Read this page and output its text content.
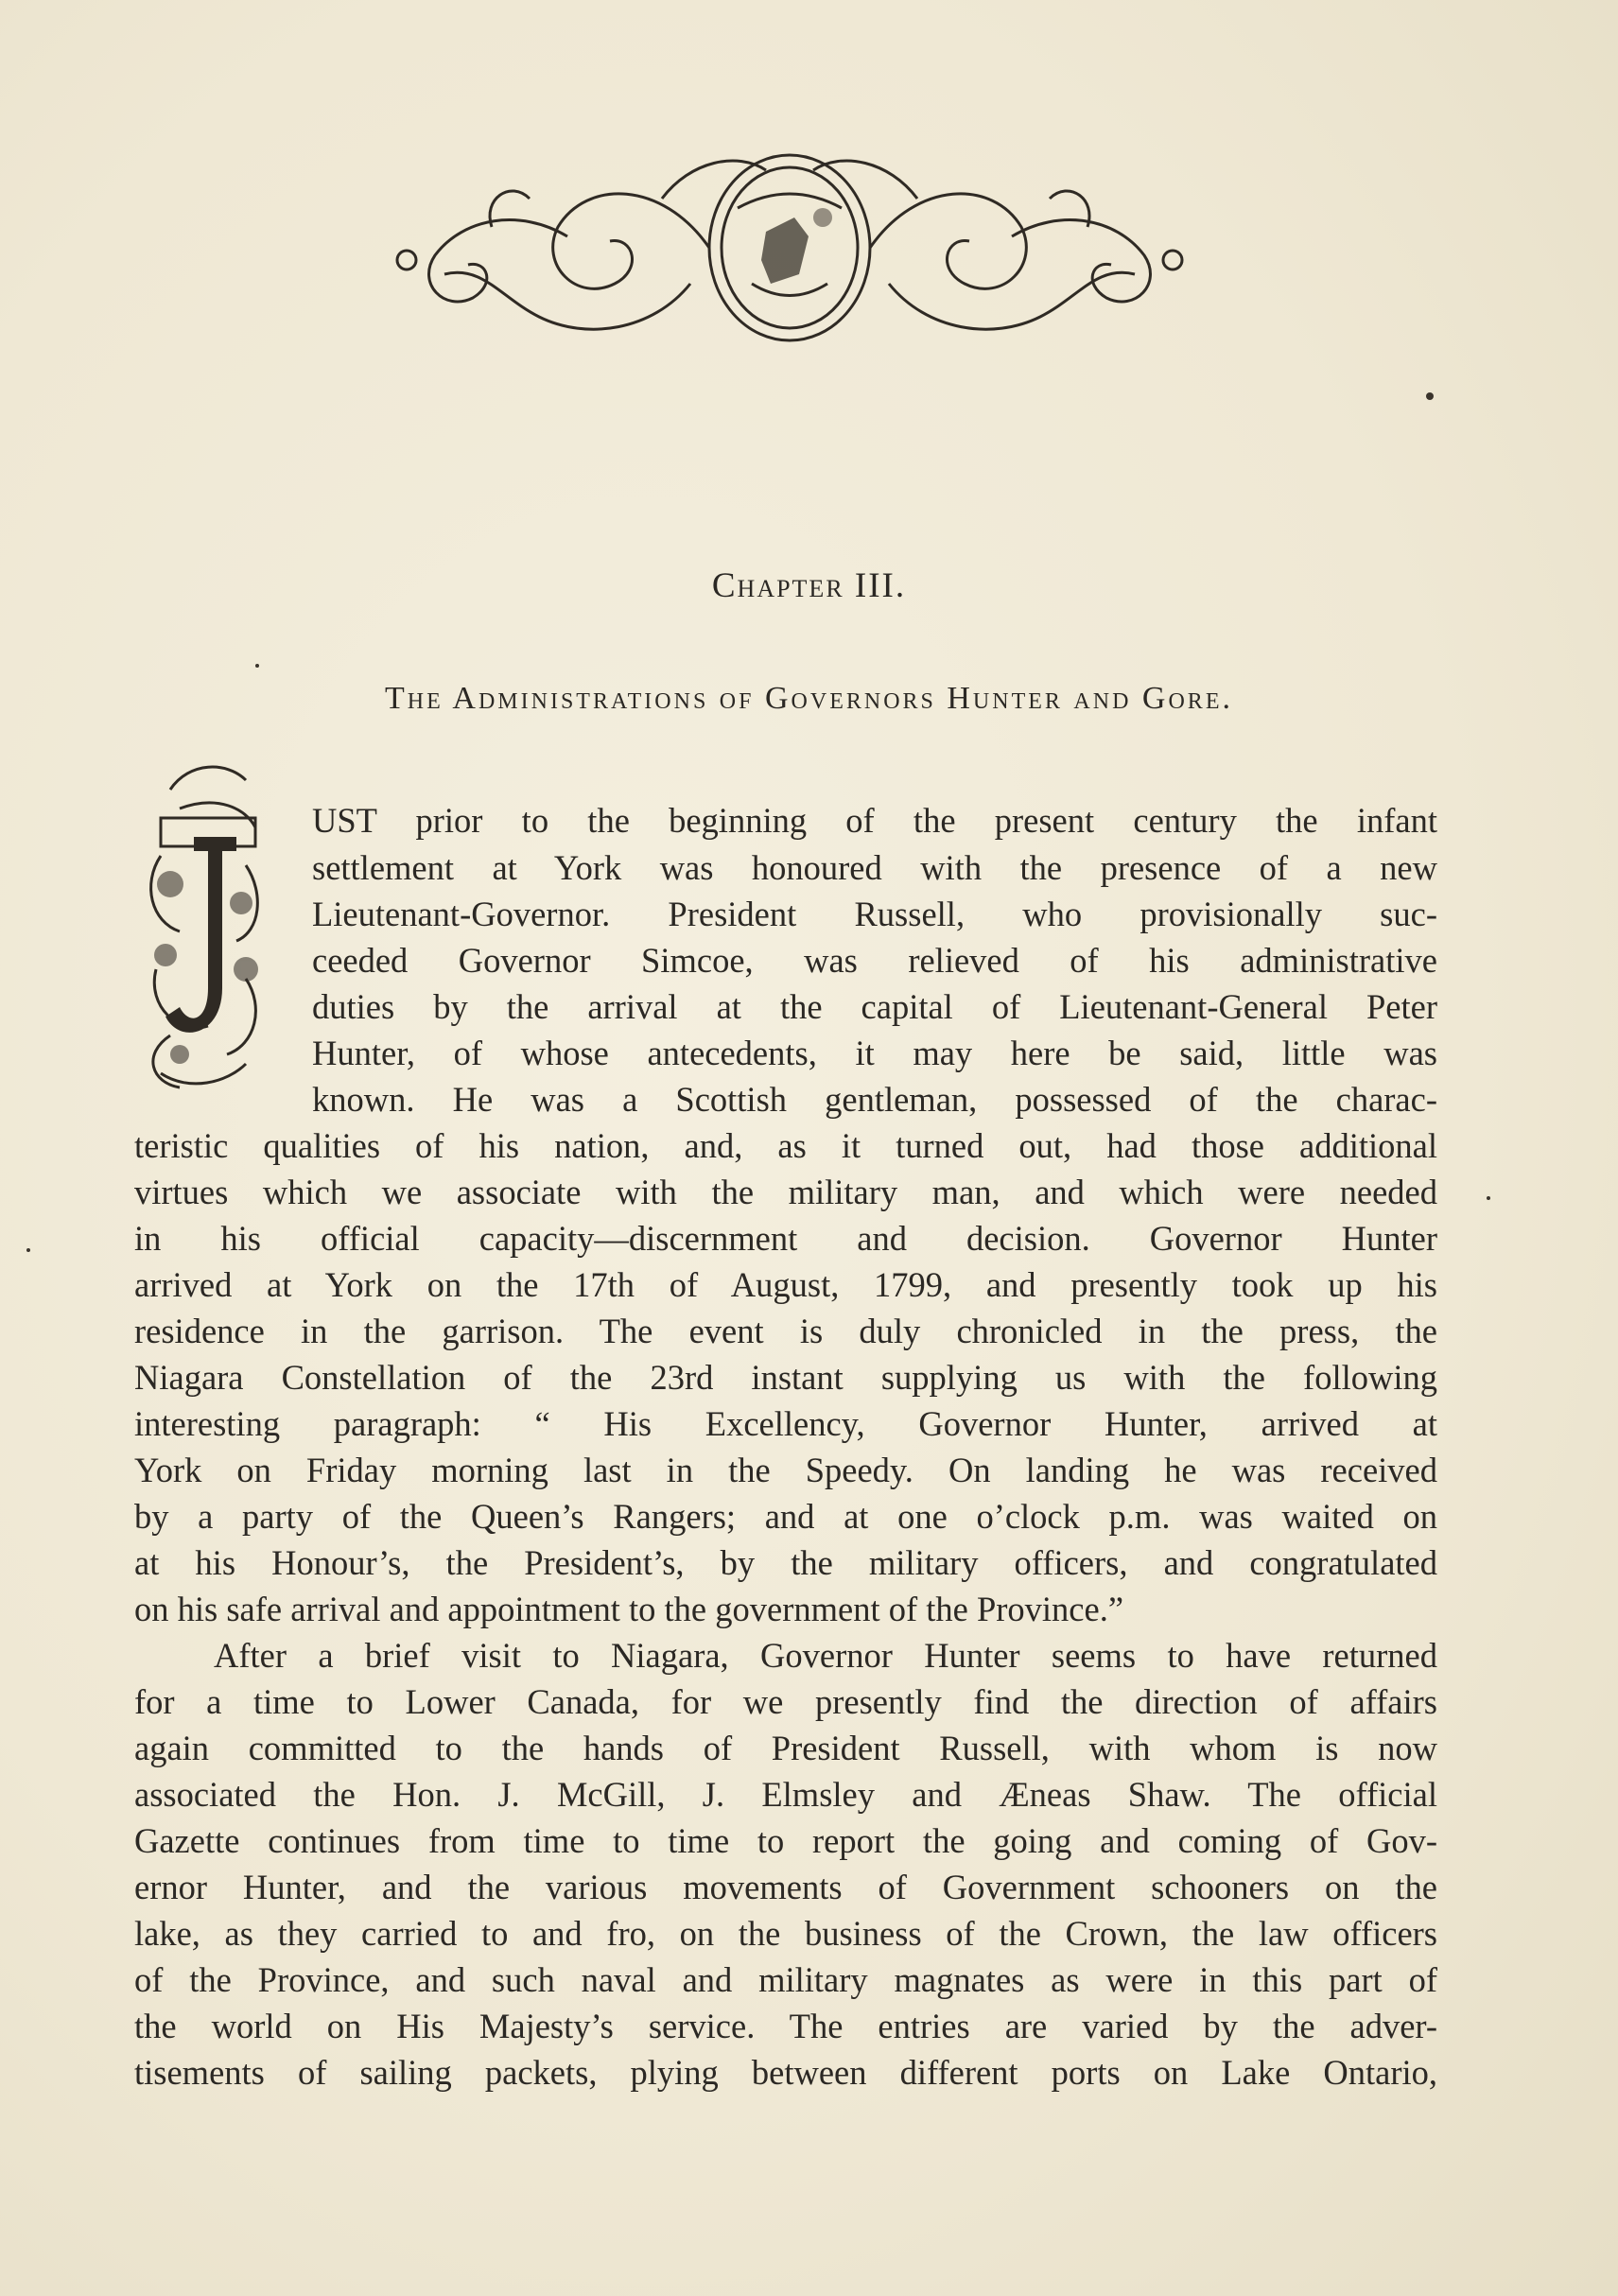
Chapter III.
The Administrations of Governors Hunter and Gore.
UST prior to the beginning of the present century the infant
settlement at York was honoured with the presence of a new
Lieutenant-Governor. President Russell, who provisionally suc-
ceeded Governor Simcoe, was relieved of his administrative
duties by the arrival at the capital of Lieutenant-General Peter
Hunter, of whose antecedents, it may here be said, little was
known. He was a Scottish gentleman, possessed of the charac-
teristic qualities of his nation, and, as it turned out, had those additional
virtues which we associate with the military man, and which were needed
in his official capacity—discernment and decision. Governor Hunter
arrived at York on the 17th of August, 1799, and presently took up his
residence in the garrison. The event is duly chronicled in the press, the
Niagara Constellation of the 23rd instant supplying us with the following
interesting paragraph: “ His Excellency, Governor Hunter, arrived at
York on Friday morning last in the Speedy. On landing he was received
by a party of the Queen’s Rangers; and at one o’clock p.m. was waited on
at his Honour’s, the President’s, by the military officers, and congratulated
on his safe arrival and appointment to the government of the Province.”
After a brief visit to Niagara, Governor Hunter seems to have returned
for a time to Lower Canada, for we presently find the direction of affairs
again committed to the hands of President Russell, with whom is now
associated the Hon. J. McGill, J. Elmsley and Æneas Shaw. The official
Gazette continues from time to time to report the going and coming of Gov-
ernor Hunter, and the various movements of Government schooners on the
lake, as they carried to and fro, on the business of the Crown, the law officers
of the Province, and such naval and military magnates as were in this part of
the world on His Majesty’s service. The entries are varied by the adver-
tisements of sailing packets, plying between different ports on Lake Ontario,
